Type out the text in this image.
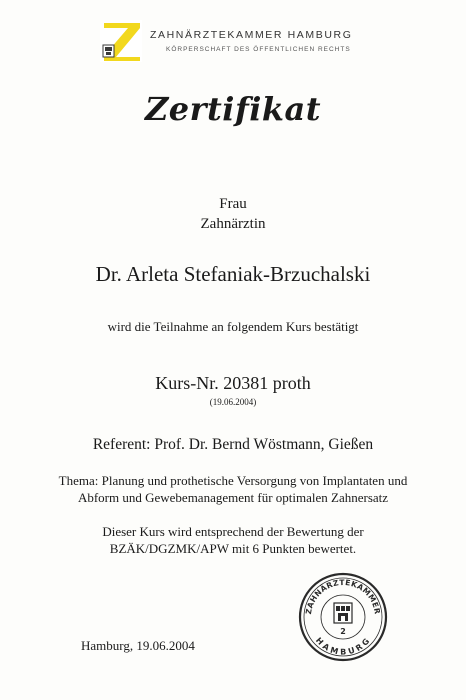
ZAHNÄRZTEKAMMER HAMBURG
KÖRPERSCHAFT DES ÖFFENTLICHEN RECHTS
Zertifikat
Frau
Zahnärztin
Dr. Arleta Stefaniak-Brzuchalski
wird die Teilnahme an folgendem Kurs bestätigt
Kurs-Nr. 20381 proth
(19.06.2004)
Referent: Prof. Dr. Bernd Wöstmann, Gießen
Thema: Planung und prothetische Versorgung von Implantaten und
Abform und Gewebemanagement für optimalen Zahnersatz
Dieser Kurs wird entsprechend der Bewertung der
BZÄK/DGZMK/APW mit 6 Punkten bewertet.
Hamburg, 19.06.2004
ZAHNÄRZTEKAMMER
HAMBURG
2
